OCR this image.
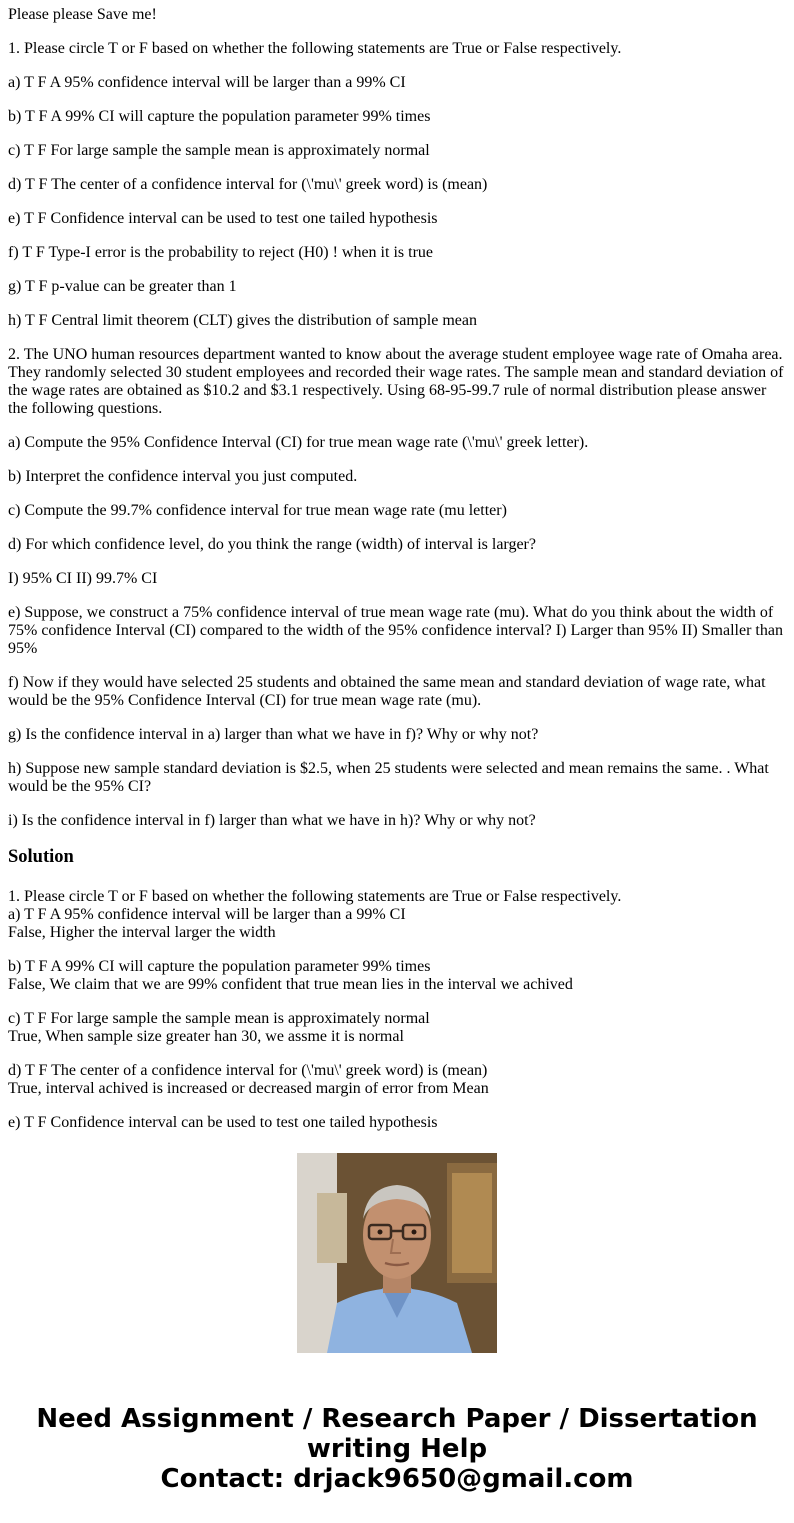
Please please Save me!

1. Please circle T or F based on whether the following statements are True or False respectively.

a) T F A 95% confidence interval will be larger than a 99% CI

b) T F A 99% CI will capture the population parameter 99% times

c) T F For large sample the sample mean is approximately normal

d) T F The center of a confidence interval for (\'mu\' greek word) is (mean)

e) T F Confidence interval can be used to test one tailed hypothesis

f) T F Type-I error is the probability to reject (H0) ! when it is true

g) T F p-value can be greater than 1

h) T F Central limit theorem (CLT) gives the distribution of sample mean

2. The UNO human resources department wanted to know about the average student employee wage rate of Omaha area. They randomly selected 30 student employees and recorded their wage rates. The sample mean and standard deviation of the wage rates are obtained as $10.2 and $3.1 respectively. Using 68-95-99.7 rule of normal distribution please answer the following questions.

a) Compute the 95% Confidence Interval (CI) for true mean wage rate (\'mu\' greek letter).

b) Interpret the confidence interval you just computed.

c) Compute the 99.7% confidence interval for true mean wage rate (mu letter)

d) For which confidence level, do you think the range (width) of interval is larger?

I) 95% CI II) 99.7% CI

e) Suppose, we construct a 75% confidence interval of true mean wage rate (mu). What do you think about the width of 75% confidence Interval (CI) compared to the width of the 95% confidence interval? I) Larger than 95% II) Smaller than 95%

f) Now if they would have selected 25 students and obtained the same mean and standard deviation of wage rate, what would be the 95% Confidence Interval (CI) for true mean wage rate (mu).

g) Is the confidence interval in a) larger than what we have in f)? Why or why not?

h) Suppose new sample standard deviation is $2.5, when 25 students were selected and mean remains the same. . What would be the 95% CI?

i) Is the confidence interval in f) larger than what we have in h)? Why or why not?

Solution

1. Please circle T or F based on whether the following statements are True or False respectively.
a) T F A 95% confidence interval will be larger than a 99% CI
False, Higher the interval larger the width

b) T F A 99% CI will capture the population parameter 99% times
False, We claim that we are 99% confident that true mean lies in the interval we achived

c) T F For large sample the sample mean is approximately normal
True, When sample size greater han 30, we assme it is normal

d) T F The center of a confidence interval for (\'mu\' greek word) is (mean)
True, interval achived is increased or decreased margin of error from Mean

e) T F Confidence interval can be used to test one tailed hypothesis

Need Assignment / Research Paper / Dissertation
writing Help
Contact: drjack9650@gmail.com
